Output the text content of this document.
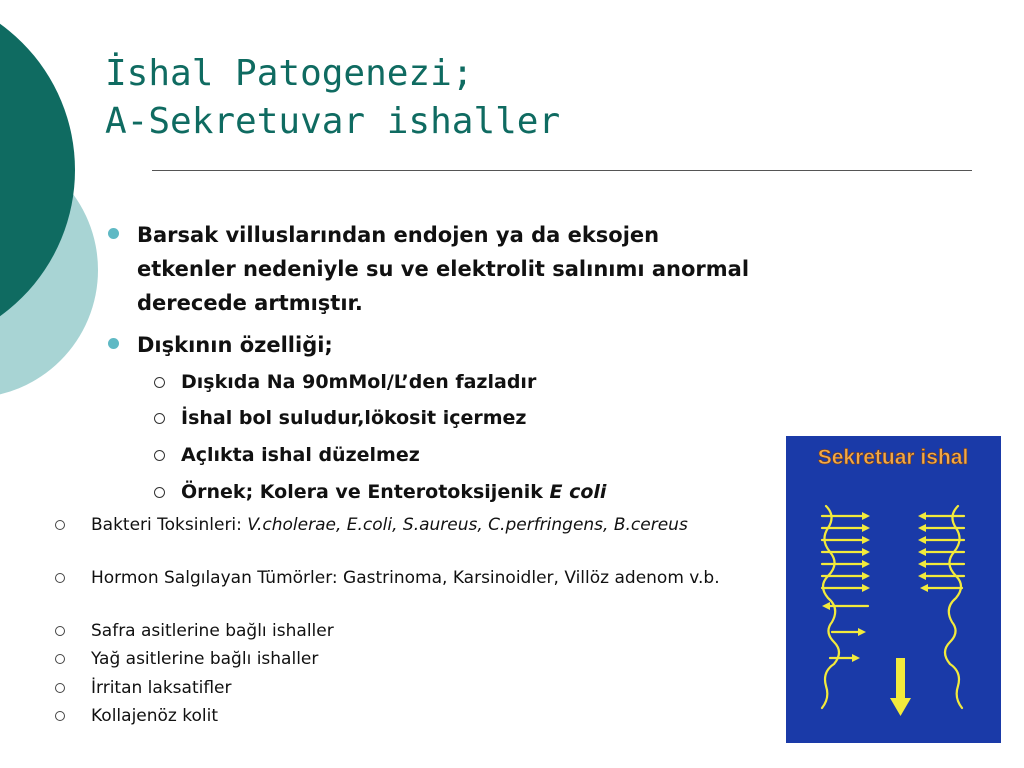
İshal Patogenezi;
A-Sekretuvar ishaller
Barsak villuslarından endojen ya da eksojen etkenler nedeniyle su ve elektrolit salınımı anormal derecede artmıştır.
Dışkının özelliği;
Dışkıda Na 90mMol/L’den fazladır
İshal bol suludur,lökosit içermez
Açlıkta ishal düzelmez
Örnek; Kolera ve Enterotoksijenik E coli
Bakteri Toksinleri: V.cholerae, E.coli, S.aureus, C.perfringens, B.cereus
Hormon Salgılayan Tümörler: Gastrinoma, Karsinoidler, Villöz adenom v.b.
Safra asitlerine bağlı ishaller
Yağ asitlerine bağlı ishaller
İrritan laksatifler
Kollajenöz kolit
Sekretuar ishal
